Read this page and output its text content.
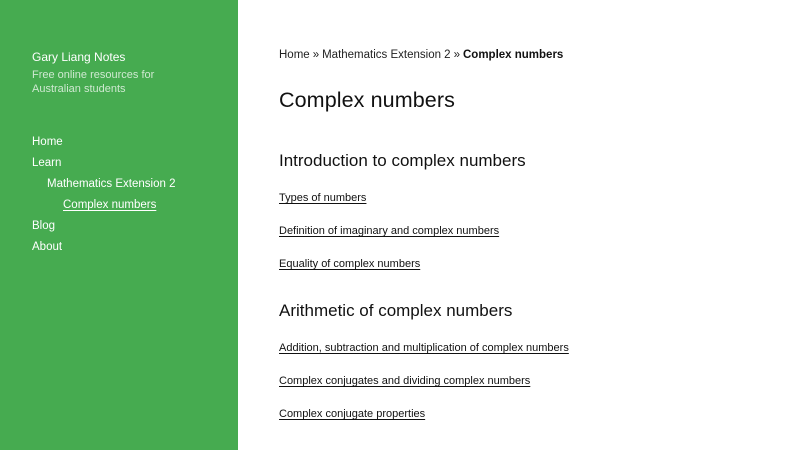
Gary Liang Notes

Free online resources for Australian students

Home
Learn
Mathematics Extension 2
Complex numbers
Blog
About

Home » Mathematics Extension 2 » Complex numbers

Complex numbers
Introduction to complex numbers
Types of numbers
Definition of imaginary and complex numbers
Equality of complex numbers
Arithmetic of complex numbers
Addition, subtraction and multiplication of complex numbers
Complex conjugates and dividing complex numbers
Complex conjugate properties
